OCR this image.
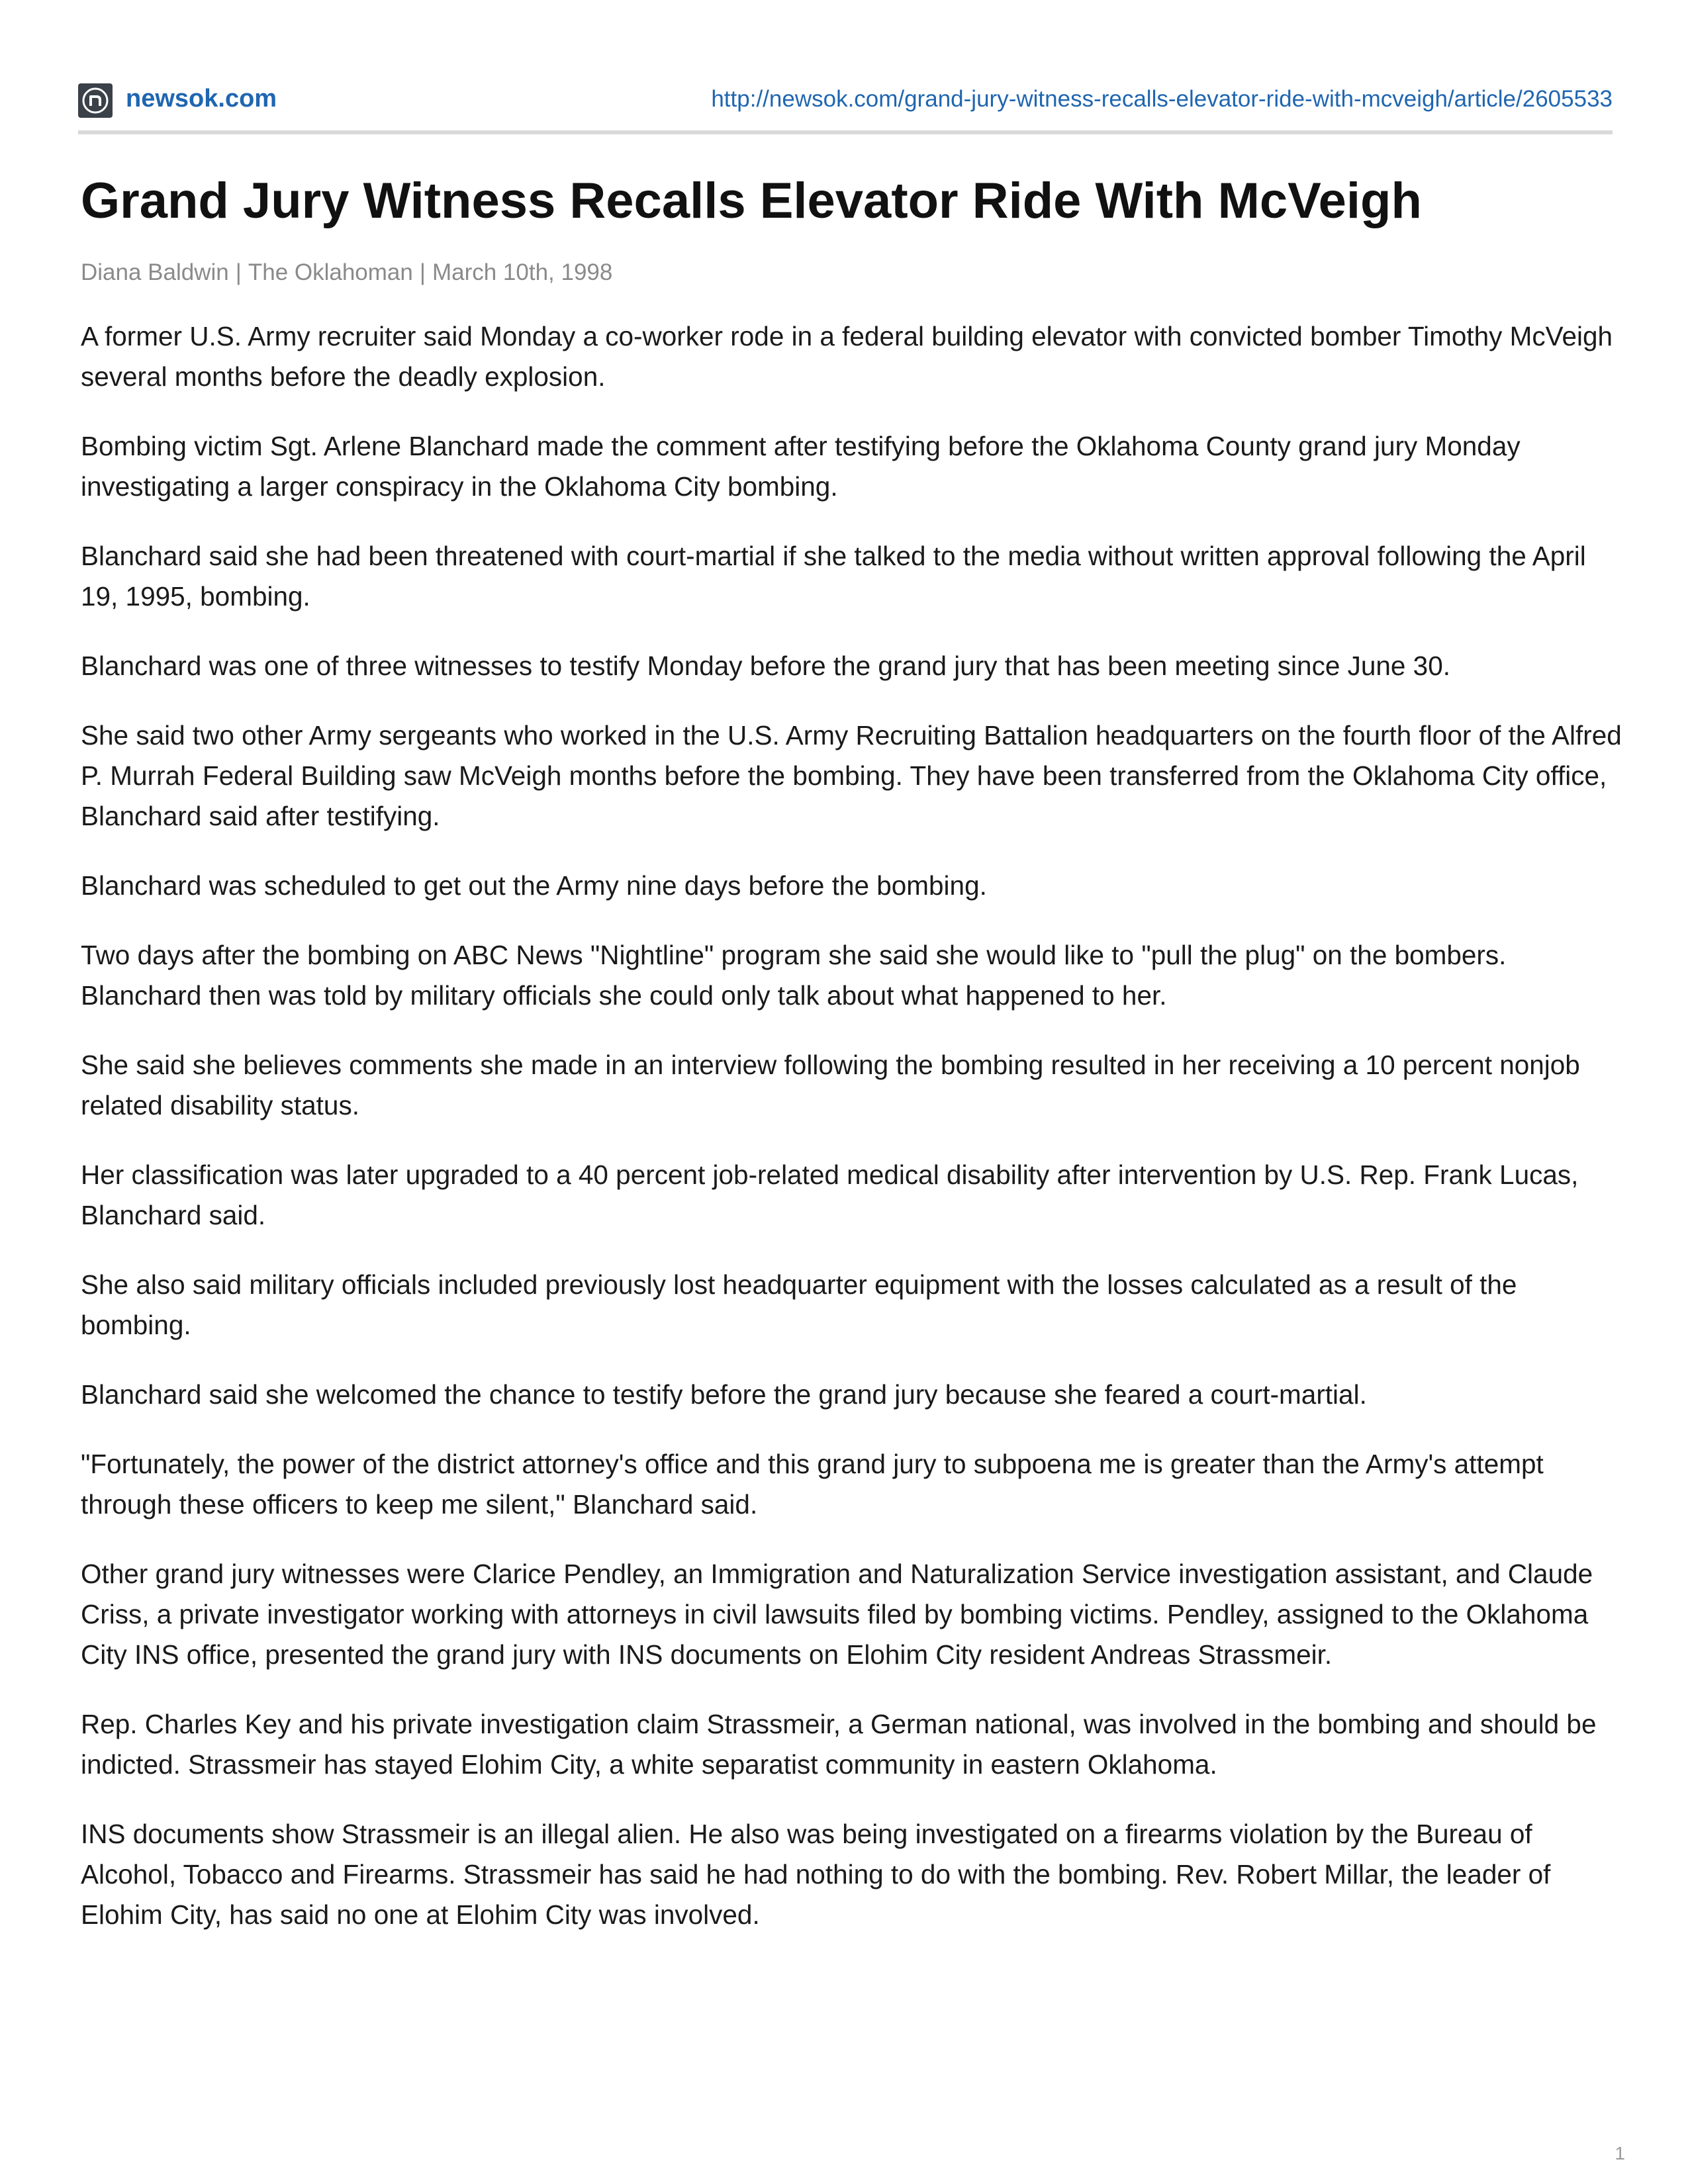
newsok.com	http://newsok.com/grand-jury-witness-recalls-elevator-ride-with-mcveigh/article/2605533
Grand Jury Witness Recalls Elevator Ride With McVeigh
Diana Baldwin | The Oklahoman | March 10th, 1998

A former U.S. Army recruiter said Monday a co-worker rode in a federal building elevator with convicted bomber Timothy McVeigh several months before the deadly explosion.

Bombing victim Sgt. Arlene Blanchard made the comment after testifying before the Oklahoma County grand jury Monday investigating a larger conspiracy in the Oklahoma City bombing.

Blanchard said she had been threatened with court-martial if she talked to the media without written approval following the April 19, 1995, bombing.

Blanchard was one of three witnesses to testify Monday before the grand jury that has been meeting since June 30.

She said two other Army sergeants who worked in the U.S. Army Recruiting Battalion headquarters on the fourth floor of the Alfred P. Murrah Federal Building saw McVeigh months before the bombing. They have been transferred from the Oklahoma City office, Blanchard said after testifying.

Blanchard was scheduled to get out the Army nine days before the bombing.

Two days after the bombing on ABC News "Nightline" program she said she would like to "pull the plug" on the bombers. Blanchard then was told by military officials she could only talk about what happened to her.

She said she believes comments she made in an interview following the bombing resulted in her receiving a 10 percent nonjob related disability status.

Her classification was later upgraded to a 40 percent job-related medical disability after intervention by U.S. Rep. Frank Lucas, Blanchard said.

She also said military officials included previously lost headquarter equipment with the losses calculated as a result of the bombing.

Blanchard said she welcomed the chance to testify before the grand jury because she feared a court-martial.

"Fortunately, the power of the district attorney's office and this grand jury to subpoena me is greater than the Army's attempt through these officers to keep me silent," Blanchard said.

Other grand jury witnesses were Clarice Pendley, an Immigration and Naturalization Service investigation assistant, and Claude Criss, a private investigator working with attorneys in civil lawsuits filed by bombing victims. Pendley, assigned to the Oklahoma City INS office, presented the grand jury with INS documents on Elohim City resident Andreas Strassmeir.

Rep. Charles Key and his private investigation claim Strassmeir, a German national, was involved in the bombing and should be indicted. Strassmeir has stayed Elohim City, a white separatist community in eastern Oklahoma.

INS documents show Strassmeir is an illegal alien. He also was being investigated on a firearms violation by the Bureau of Alcohol, Tobacco and Firearms. Strassmeir has said he had nothing to do with the bombing. Rev. Robert Millar, the leader of Elohim City, has said no one at Elohim City was involved.

1
